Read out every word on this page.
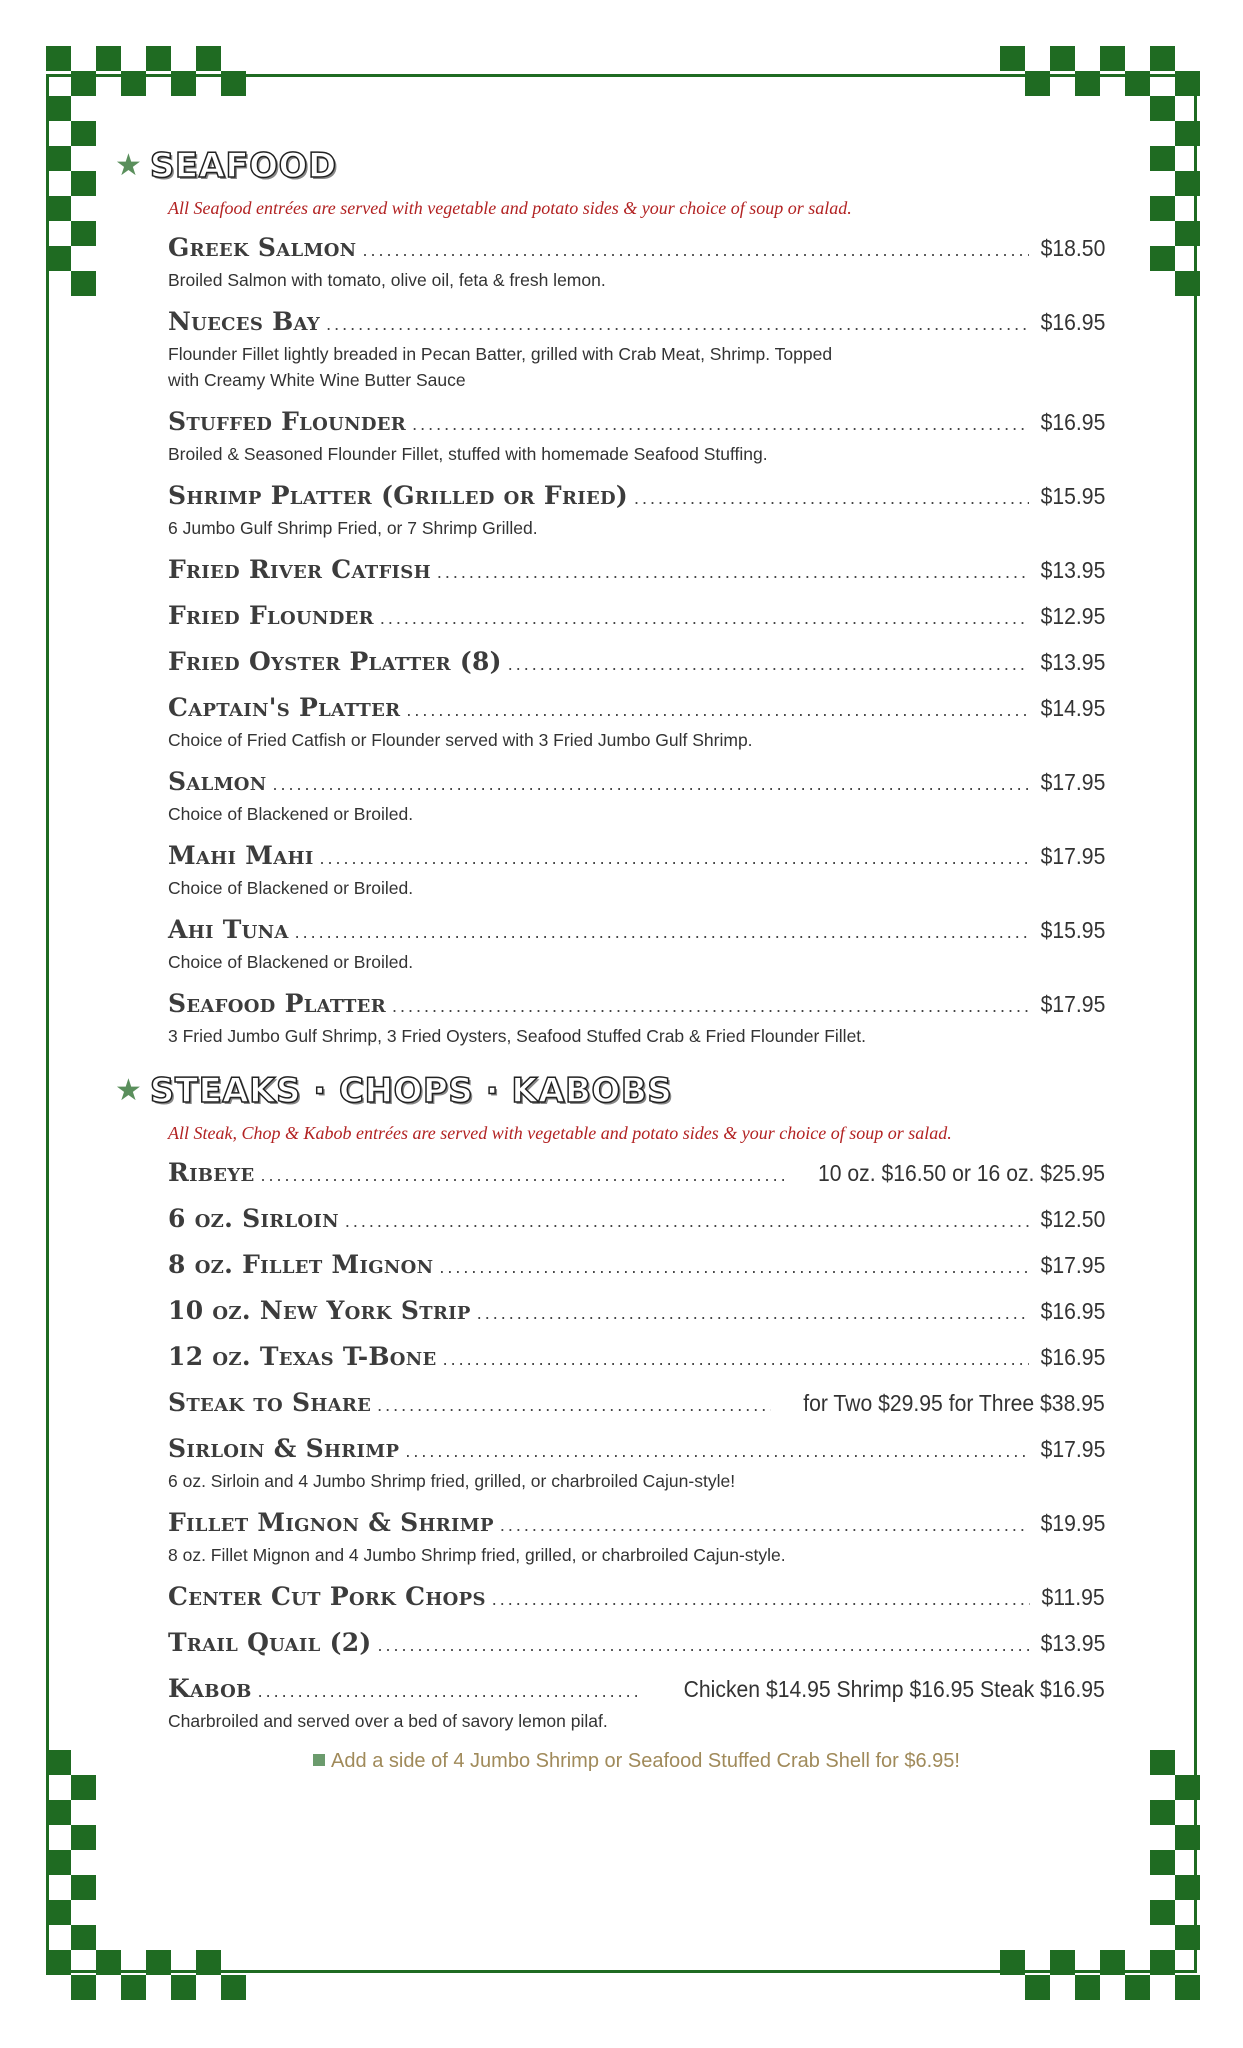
★ SEAFOOD
All Seafood entrées are served with vegetable and potato sides & your choice of soup or salad.
Greek Salmon .....	$18.50
Broiled Salmon with tomato, olive oil, feta & fresh lemon.
Nueces Bay .....	$16.95
Flounder Fillet lightly breaded in Pecan Batter, grilled with Crab Meat, Shrimp. Topped with Creamy White Wine Butter Sauce
Stuffed Flounder .....	$16.95
Broiled & Seasoned Flounder Fillet, stuffed with homemade Seafood Stuffing.
Shrimp Platter (Grilled or Fried) .....	$15.95
6 Jumbo Gulf Shrimp Fried, or 7 Shrimp Grilled.
Fried River Catfish .....	$13.95
Fried Flounder .....	$12.95
Fried Oyster Platter (8) .....	$13.95
Captain's Platter .....	$14.95
Choice of Fried Catfish or Flounder served with 3 Fried Jumbo Gulf Shrimp.
Salmon .....	$17.95
Choice of Blackened or Broiled.
Mahi Mahi .....	$17.95
Choice of Blackened or Broiled.
Ahi Tuna .....	$15.95
Choice of Blackened or Broiled.
Seafood Platter .....	$17.95
3 Fried Jumbo Gulf Shrimp, 3 Fried Oysters, Seafood Stuffed Crab & Fried Flounder Fillet.
★ STEAKS · CHOPS · KABOBS
All Steak, Chop & Kabob entrées are served with vegetable and potato sides & your choice of soup or salad.
Ribeye .....	10 oz. $16.50 or 16 oz. $25.95
6 oz. Sirloin .....	$12.50
8 oz. Fillet Mignon .....	$17.95
10 oz. New York Strip .....	$16.95
12 oz. Texas T-Bone .....	$16.95
Steak to Share .....	for Two $29.95 for Three $38.95
Sirloin & Shrimp .....	$17.95
6 oz. Sirloin and 4 Jumbo Shrimp fried, grilled, or charbroiled Cajun-style!
Fillet Mignon & Shrimp .....	$19.95
8 oz. Fillet Mignon and 4 Jumbo Shrimp fried, grilled, or charbroiled Cajun-style.
Center Cut Pork Chops .....	$11.95
Trail Quail (2) .....	$13.95
Kabob .....	Chicken $14.95 Shrimp $16.95 Steak $16.95
Charbroiled and served over a bed of savory lemon pilaf.
Add a side of 4 Jumbo Shrimp or Seafood Stuffed Crab Shell for $6.95!
